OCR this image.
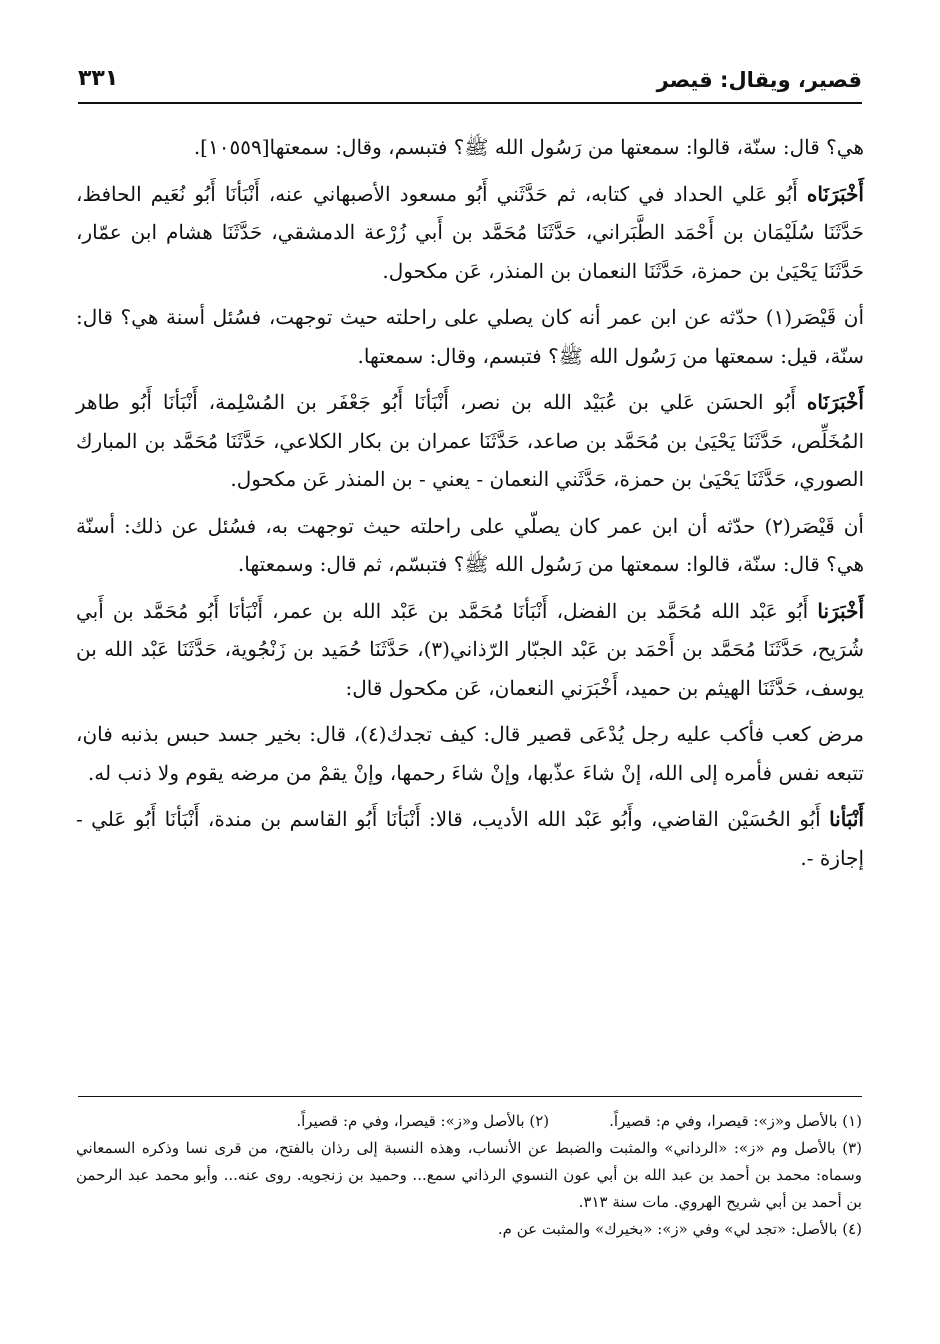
قصير، ويقال: قيصر
٣٣١

هي؟ قال: سنّة، قالوا: سمعتها من رَسُول الله ﷺ؟ فتبسم، وقال: سمعتها[١٠٥٥٩].

أَخْبَرَنَاه أَبُو عَلي الحداد في كتابه، ثم حَدَّثَني أَبُو مسعود الأصبهاني عنه، أَنْبَأنَا أَبُو نُعَيم الحافظ، حَدَّثَنَا سُلَيْمَان بن أَحْمَد الطَّبَراني، حَدَّثَنَا مُحَمَّد بن أَبي زُرْعة الدمشقي، حَدَّثَنَا هشام ابن عمّار، حَدَّثَنَا يَحْيَىٰ بن حمزة، حَدَّثَنَا النعمان بن المنذر، عَن مكحول.

أن قَيْصَر(١) حدّثه عن ابن عمر أنه كان يصلي على راحلته حيث توجهت، فسُئل أسنة هي؟ قال: سنّة، قيل: سمعتها من رَسُول الله ﷺ؟ فتبسم، وقال: سمعتها.

أَخْبَرَنَاه أَبُو الحسَن عَلي بن عُبَيْد الله بن نصر، أَنْبَأنَا أَبُو جَعْفَر بن المُسْلِمة، أَنْبَأنَا أَبُو طاهر المُخَلِّص، حَدَّثَنَا يَحْيَىٰ بن مُحَمَّد بن صاعد، حَدَّثَنَا عمران بن بكار الكلاعي، حَدَّثَنَا مُحَمَّد بن المبارك الصوري، حَدَّثَنَا يَحْيَىٰ بن حمزة، حَدَّثَني النعمان - يعني - بن المنذر عَن مكحول.

أن قَيْصَر(٢) حدّثه أن ابن عمر كان يصلّي على راحلته حيث توجهت به، فسُئل عن ذلك: أسنّة هي؟ قال: سنّة، قالوا: سمعتها من رَسُول الله ﷺ؟ فتبسّم، ثم قال: وسمعتها.

أَخْبَرَنا أَبُو عَبْد الله مُحَمَّد بن الفضل، أَنْبَأنَا مُحَمَّد بن عَبْد الله بن عمر، أَنْبَأنَا أَبُو مُحَمَّد بن أَبي شُرَيح، حَدَّثَنَا مُحَمَّد بن أَحْمَد بن عَبْد الجبّار الرّذاني(٣)، حَدَّثَنَا حُمَيد بن زَنْجُوية، حَدَّثَنَا عَبْد الله بن يوسف، حَدَّثَنَا الهيثم بن حميد، أَخْبَرَني النعمان، عَن مكحول قال:

مرض كعب فأكب عليه رجل يُدْعَى قصير قال: كيف تجدك(٤)، قال: بخير جسد حبس بذنبه فان، تتبعه نفس فأمره إلى الله، إنْ شاءَ عذّبها، وإنْ شاءَ رحمها، وإنْ يقمْ من مرضه يقوم ولا ذنب له.

أَنْبَأنا أَبُو الحُسَيْن القاضي، وأَبُو عَبْد الله الأديب، قالا: أَنْبَأنَا أَبُو القاسم بن مندة، أَنْبَأنَا أَبُو عَلي - إجازة -.

(١) بالأصل و«ز»: قيصرا، وفي م: قصيراً.
(٢) بالأصل و«ز»: قيصرا، وفي م: قصيراً.

(٣) بالأصل وم «ز»: «الرداني» والمثبت والضبط عن الأنساب، وهذه النسبة إلى رذان بالفتح، من قرى نسا وذكره السمعاني وسماه: محمد بن أحمد بن عبد الله بن أبي عون النسوي الرذاني سمع... وحميد بن زنجويه. روى عنه... وأبو محمد عبد الرحمن بن أحمد بن أبي شريح الهروي. مات سنة ٣١٣.

(٤) بالأصل: «تجد لي» وفي «ز»: «بخيرك» والمثبت عن م.
